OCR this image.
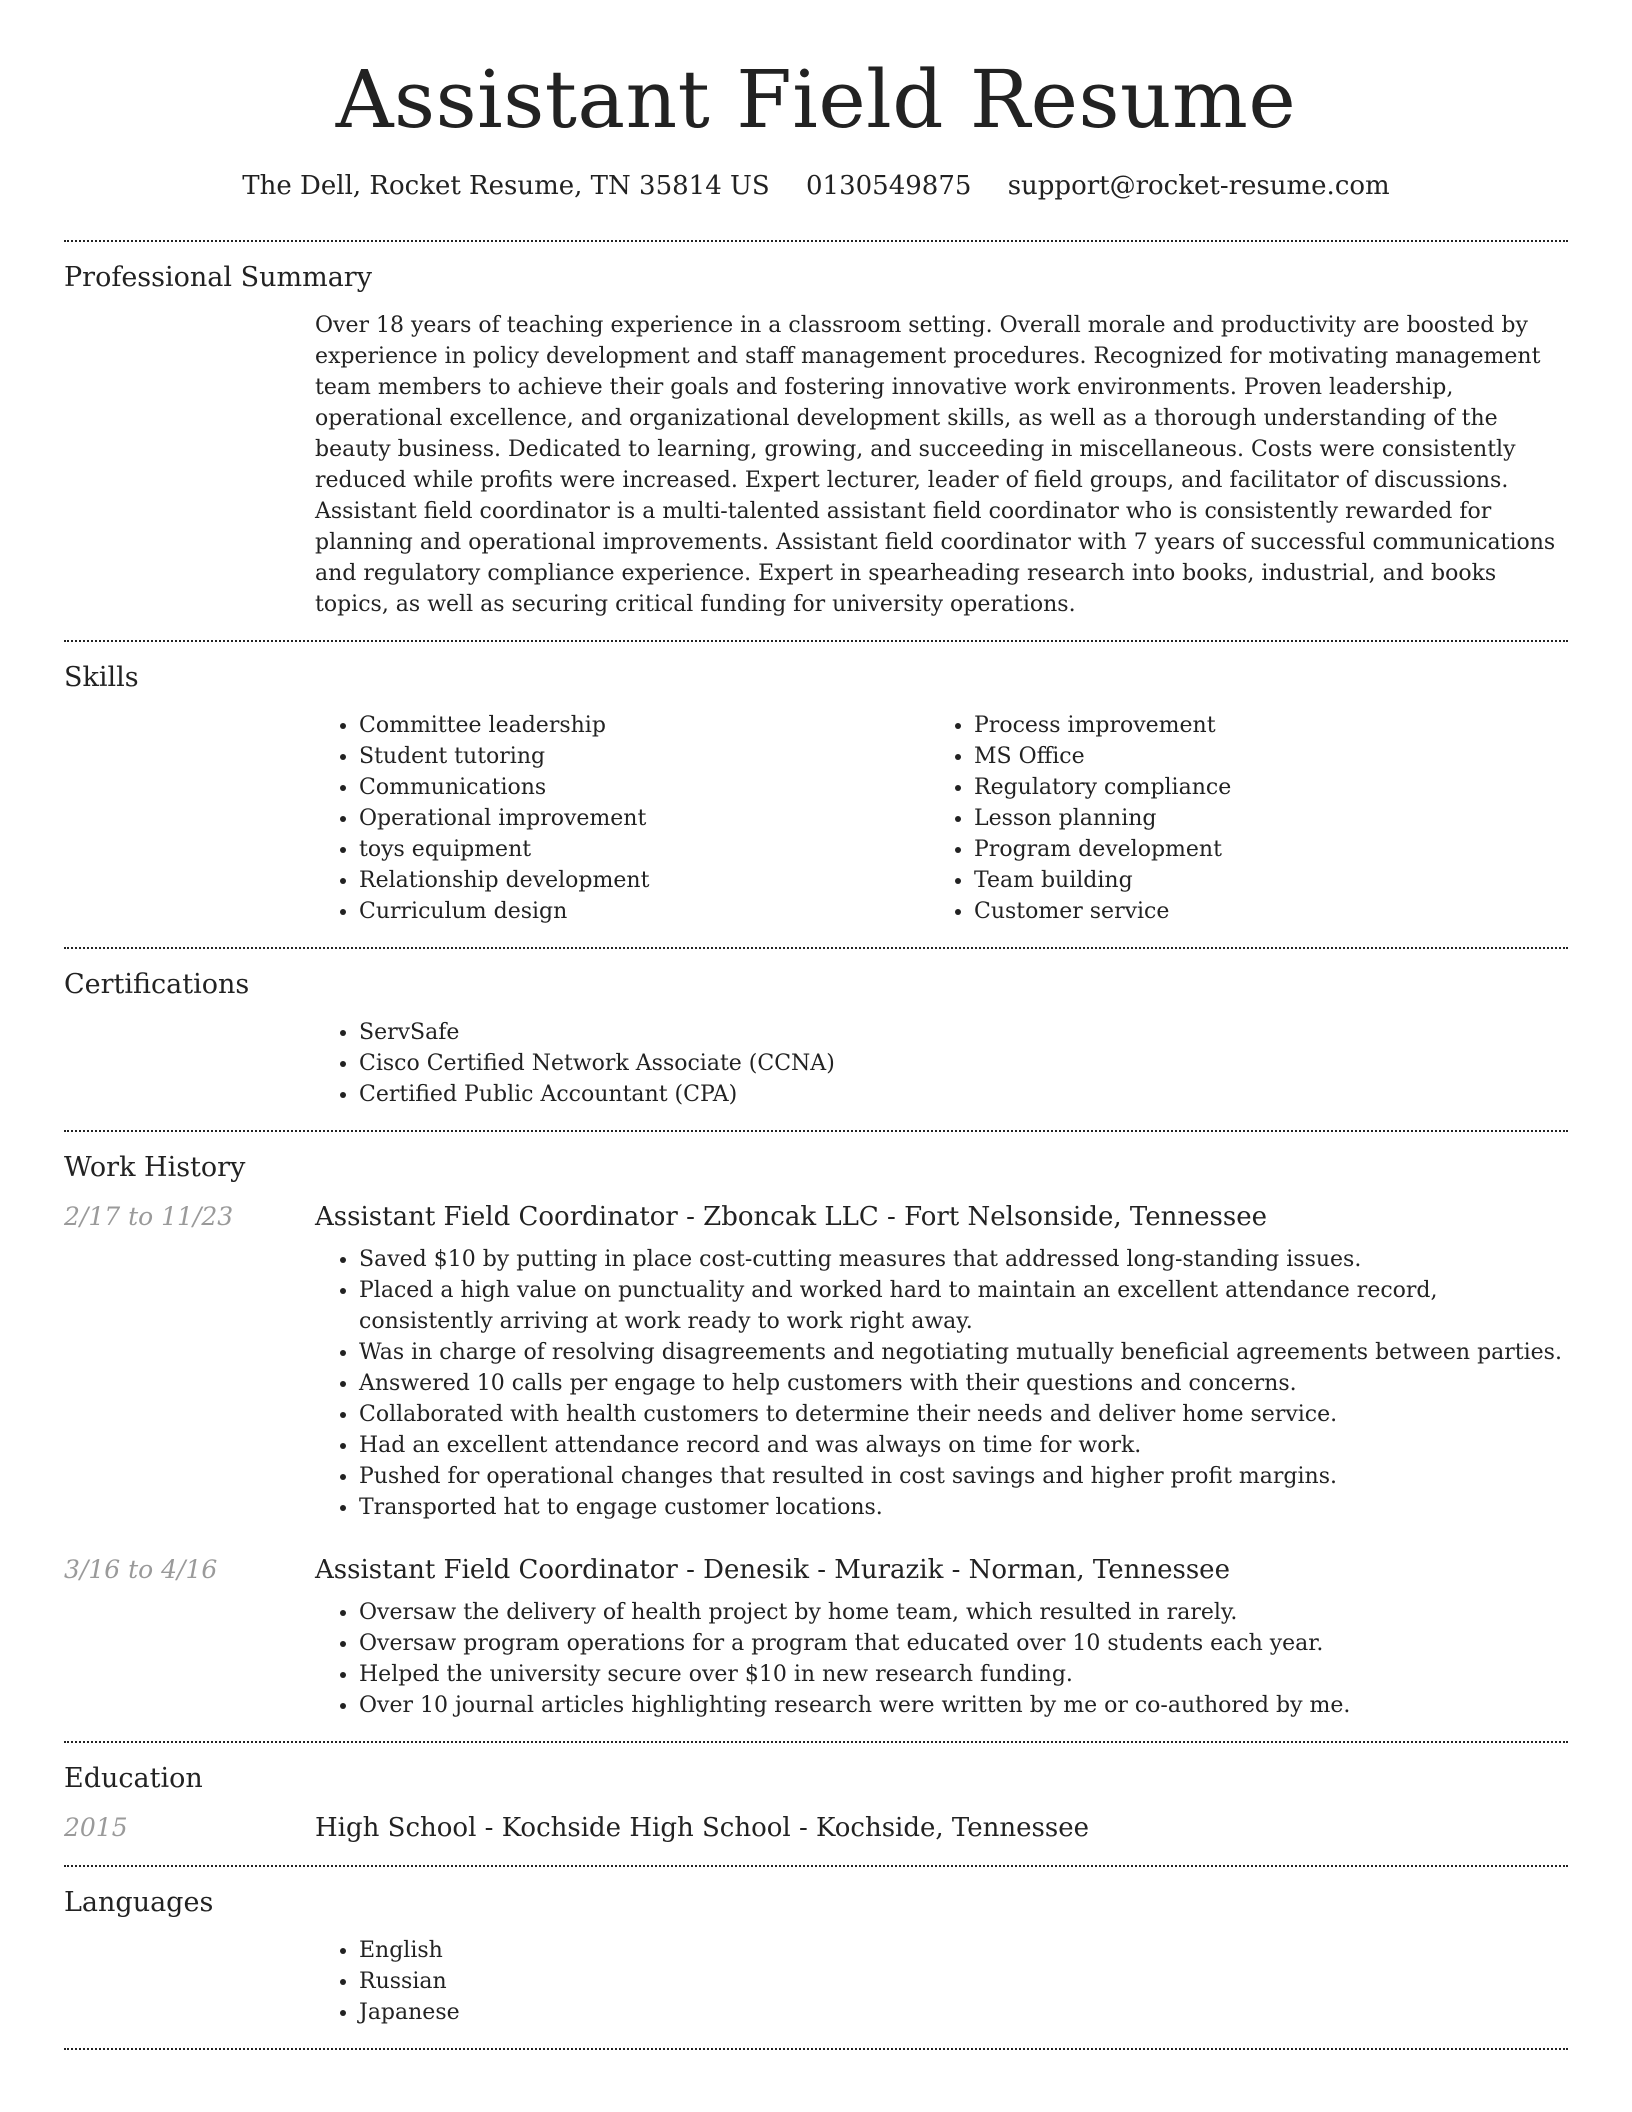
Assistant Field Resume
The Dell, Rocket Resume, TN 35814 US 0130549875 support@rocket-resume.com
Professional Summary

Over 18 years of teaching experience in a classroom setting. Overall morale and productivity are boosted by experience in policy development and staff management procedures. Recognized for motivating management team members to achieve their goals and fostering innovative work environments. Proven leadership, operational excellence, and organizational development skills, as well as a thorough understanding of the beauty business. Dedicated to learning, growing, and succeeding in miscellaneous. Costs were consistently reduced while profits were increased. Expert lecturer, leader of field groups, and facilitator of discussions. Assistant field coordinator is a multi-talented assistant field coordinator who is consistently rewarded for planning and operational improvements. Assistant field coordinator with 7 years of successful communications and regulatory compliance experience. Expert in spearheading research into books, industrial, and books topics, as well as securing critical funding for university operations.

Skills
• Committee leadership
• Student tutoring
• Communications
• Operational improvement
• toys equipment
• Relationship development
• Curriculum design
• Process improvement
• MS Office
• Regulatory compliance
• Lesson planning
• Program development
• Team building
• Customer service
Certifications
• ServSafe
• Cisco Certified Network Associate (CCNA)
• Certified Public Accountant (CPA)
Work History
2/17 to 11/23	Assistant Field Coordinator - Zboncak LLC - Fort Nelsonside, Tennessee
• Saved $10 by putting in place cost-cutting measures that addressed long-standing issues.
• Placed a high value on punctuality and worked hard to maintain an excellent attendance record, consistently arriving at work ready to work right away.
• Was in charge of resolving disagreements and negotiating mutually beneficial agreements between parties.
• Answered 10 calls per engage to help customers with their questions and concerns.
• Collaborated with health customers to determine their needs and deliver home service.
• Had an excellent attendance record and was always on time for work.
• Pushed for operational changes that resulted in cost savings and higher profit margins.
• Transported hat to engage customer locations.
3/16 to 4/16	Assistant Field Coordinator - Denesik - Murazik - Norman, Tennessee
• Oversaw the delivery of health project by home team, which resulted in rarely.
• Oversaw program operations for a program that educated over 10 students each year.
• Helped the university secure over $10 in new research funding.
• Over 10 journal articles highlighting research were written by me or co-authored by me.
Education
2015	High School - Kochside High School - Kochside, Tennessee
Languages
• English
• Russian
• Japanese
